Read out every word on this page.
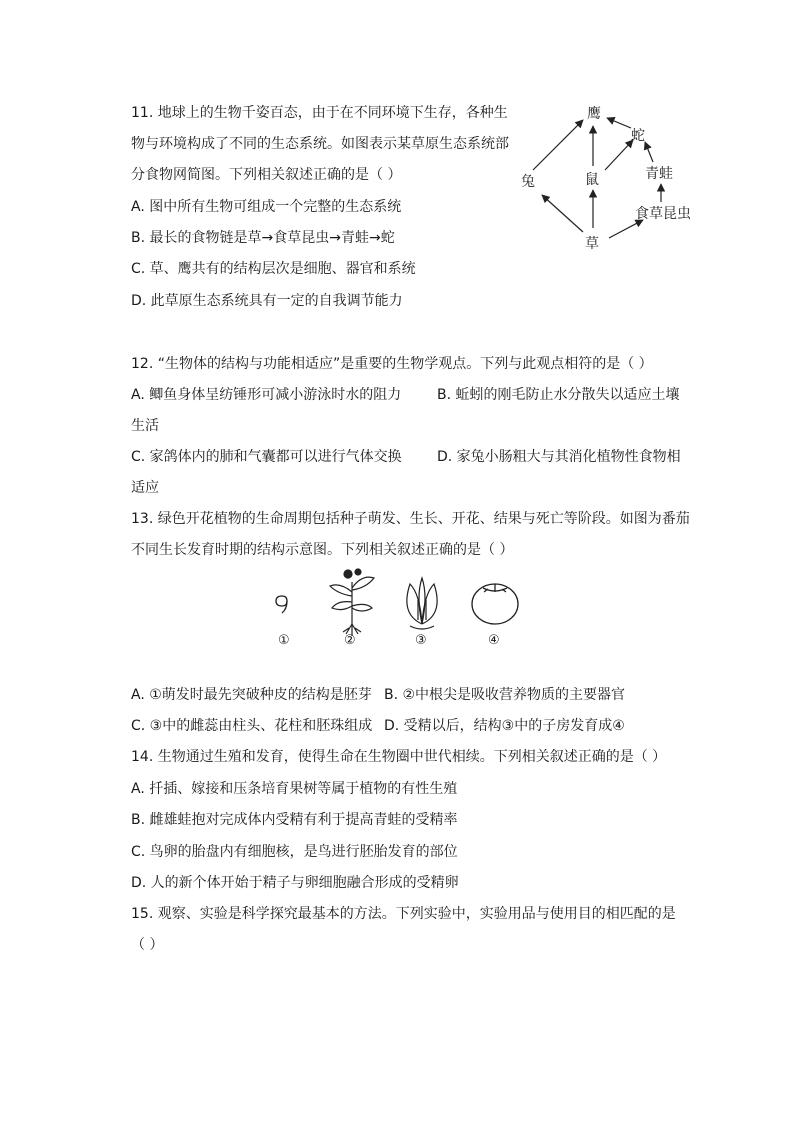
11. 地球上的生物千姿百态，由于在不同环境下生存，各种生
物与环境构成了不同的生态系统。如图表示某草原生态系统部
分食物网简图。下列相关叙述正确的是（ ）
A. 图中所有生物可组成一个完整的生态系统
B. 最长的食物链是草→食草昆虫→青蛙→蛇
C. 草、鹰共有的结构层次是细胞、器官和系统
D. 此草原生态系统具有一定的自我调节能力
鹰
蛇
兔	鼠	青蛙
食草昆虫
草
12. “生物体的结构与功能相适应”是重要的生物学观点。下列与此观点相符的是（ ）
A. 鲫鱼身体呈纺锤形可减小游泳时水的阻力	B. 蚯蚓的刚毛防止水分散失以适应土壤
生活
C. 家鸽体内的肺和气囊都可以进行气体交换	D. 家兔小肠粗大与其消化植物性食物相
适应
13. 绿色开花植物的生命周期包括种子萌发、生长、开花、结果与死亡等阶段。如图为番茄
不同生长发育时期的结构示意图。下列相关叙述正确的是（ ）
①	②	③	④
A. ①萌发时最先突破种皮的结构是胚芽 B. ②中根尖是吸收营养物质的主要器官
C. ③中的雌蕊由柱头、花柱和胚珠组成 D. 受精以后，结构③中的子房发育成④
14. 生物通过生殖和发育，使得生命在生物圈中世代相续。下列相关叙述正确的是（ ）
A. 扦插、嫁接和压条培育果树等属于植物的有性生殖
B. 雌雄蛙抱对完成体内受精有利于提高青蛙的受精率
C. 鸟卵的胎盘内有细胞核，是鸟进行胚胎发育的部位
D. 人的新个体开始于精子与卵细胞融合形成的受精卵
15. 观察、实验是科学探究最基本的方法。下列实验中，实验用品与使用目的相匹配的是
（ ）
